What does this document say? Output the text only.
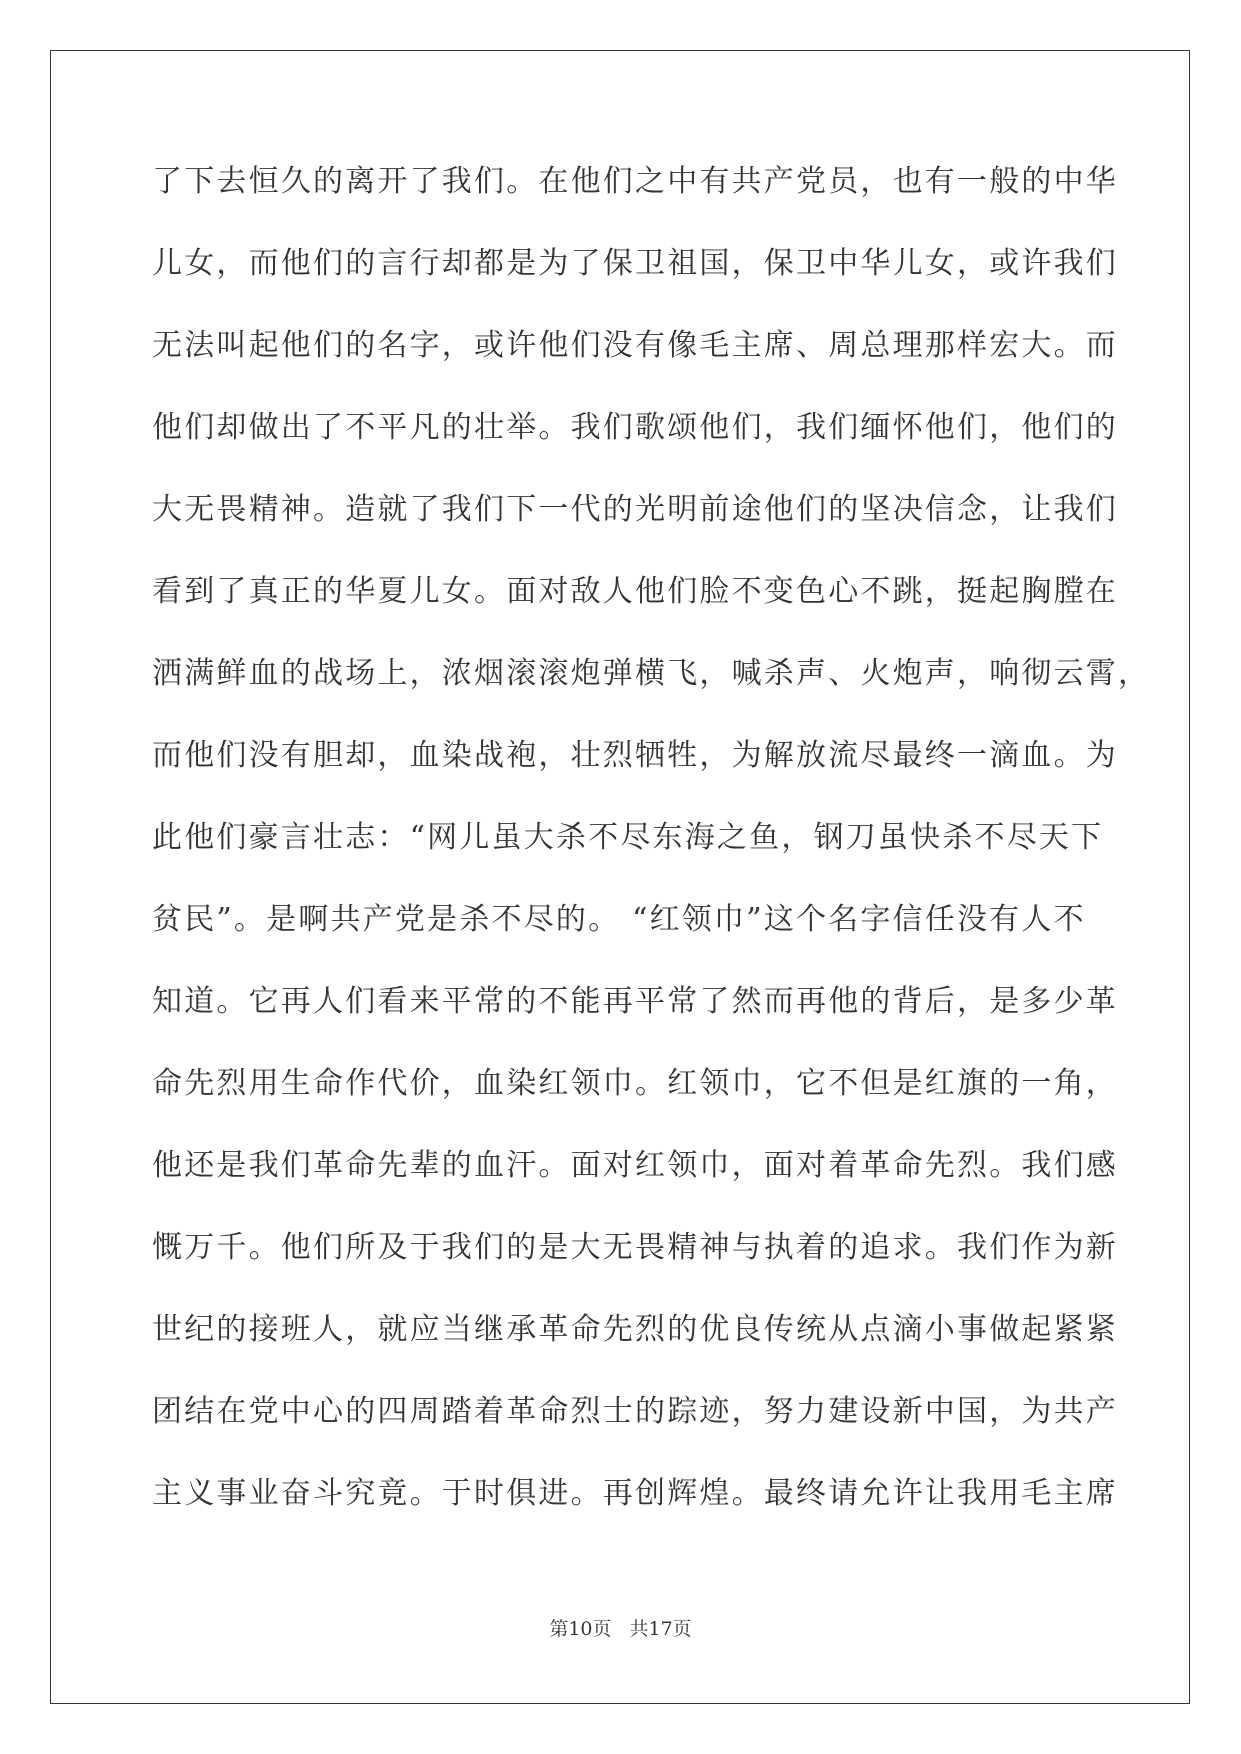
了下去恒久的离开了我们。在他们之中有共产党员，也有一般的中华
儿女，而他们的言行却都是为了保卫祖国，保卫中华儿女，或许我们
无法叫起他们的名字，或许他们没有像毛主席、周总理那样宏大。而
他们却做出了不平凡的壮举。我们歌颂他们，我们缅怀他们，他们的
大无畏精神。造就了我们下一代的光明前途他们的坚决信念，让我们
看到了真正的华夏儿女。面对敌人他们脸不变色心不跳，挺起胸膛在
洒满鲜血的战场上，浓烟滚滚炮弹横飞，喊杀声、火炮声，响彻云霄，
而他们没有胆却，血染战袍，壮烈牺牲，为解放流尽最终一滴血。为
此他们豪言壮志：“网儿虽大杀不尽东海之鱼，钢刀虽快杀不尽天下
贫民”。是啊共产党是杀不尽的。 “红领巾”这个名字信任没有人不
知道。它再人们看来平常的不能再平常了然而再他的背后，是多少革
命先烈用生命作代价，血染红领巾。红领巾，它不但是红旗的一角，
他还是我们革命先辈的血汗。面对红领巾，面对着革命先烈。我们感
慨万千。他们所及于我们的是大无畏精神与执着的追求。我们作为新
世纪的接班人，就应当继承革命先烈的优良传统从点滴小事做起紧紧
团结在党中心的四周踏着革命烈士的踪迹，努力建设新中国，为共产
主义事业奋斗究竟。于时俱进。再创辉煌。最终请允许让我用毛主席
第10页 共17页
